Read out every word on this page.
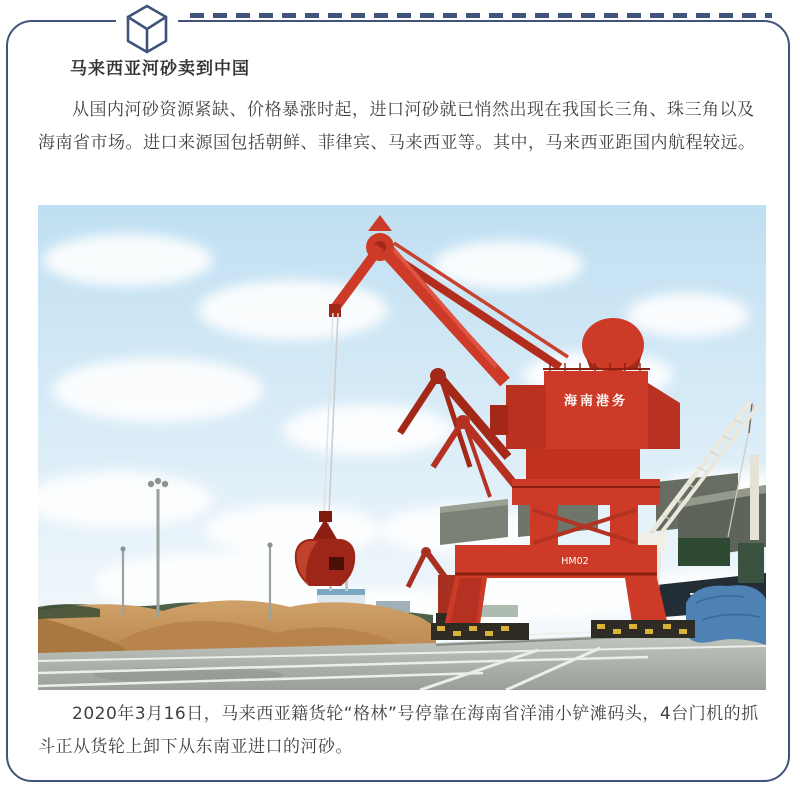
马来西亚河砂卖到中国

从国内河砂资源紧缺、价格暴涨时起，进口河砂就已悄然出现在我国长三角、珠三角以及海南省市场。进口来源国包括朝鲜、菲律宾、马来西亚等。其中，马来西亚距国内航程较远。

海南港务
HM02

2020年3月16日，马来西亚籍货轮“格林”号停靠在海南省洋浦小铲滩码头，4台门机的抓斗正从货轮上卸下从东南亚进口的河砂。
